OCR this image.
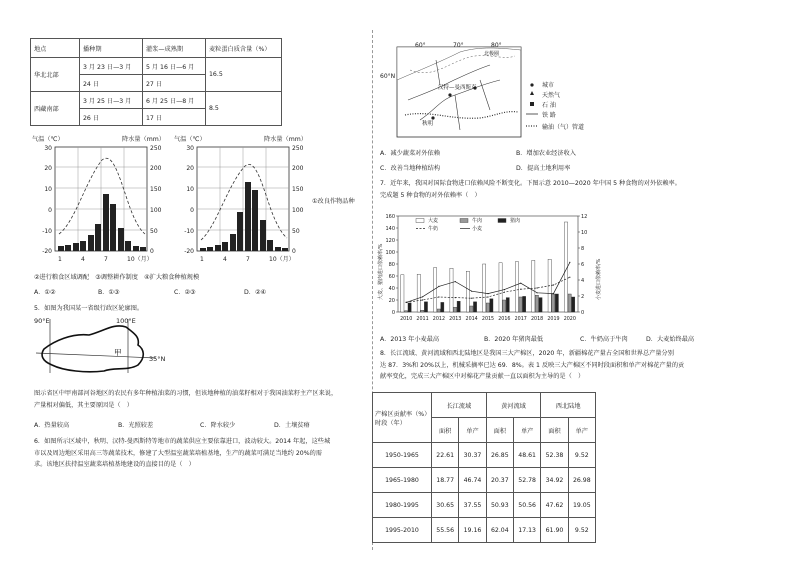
地点	播种期	灌浆—成熟期	麦粒蛋白质含量（%）
华北北部	3 月 23 日—3 月	5 月 16 日—6 月	16.5
	24 日	27 日	
西藏南部	3 月 25 日—3 月	6 月 25 日—8 月	8.5
	26 日	17 日	
气温（℃）	降水量（mm）
30
20
10
0
-10
-20
250
200
150
100
50
0
1	4	7	10（月）
气温（℃）	降水量（mm）
30
20
10
0
-10
-20
250
200
150
100
50
0
1	4	7	10（月）
①改良作物品种
②进行粮食区域调配　③调整耕作制度　④扩大粮食种植规模
A．①②	B．①③	C．②③	D．②④
5．如图为我国某一省级行政区轮廓图。
90°E	100°E
35°N
甲
图示省区中甲南部河谷地区的农民有多年种植油菜的习惯，但该地种植的油菜籽相对于我国油菜籽主产区来说，
产量相对偏低，其主要原因是（　）
A．热量较高	B．光照较差	C．降水较少	D．土壤贫瘠
6．如图所示区域中，秋明、汉特-曼西斯特等地市的蔬菜供应主要依靠进口，波动较大。2014 年起，这些城
市以及周边地区采用高三等蔬菜技术，修建了大型温室蔬菜培植基地，生产的蔬菜可满足当地约 20%的需
求。该地区扶持温室蔬菜培植基地建设的直接目的是（　）
汉特—曼西斯克
秋明
北极圈
60°	70°	80°
60°N
城市
天然气
石 油
铁 路
输油（气）管道
A．减少蔬菜对外依赖	B．增加农业经济收入
C．改善当地种植结构	D．提高土地利用率
7．近年来，我国对国际食物进口依赖风险不断变化。下图示意 2010—2020 年中国 5 种食物的对外依赖率。
完成题 5 种食物的对外依赖率（　）
大麦、猪肉进口依赖率/%	小麦进口依赖率/%
160
140
120
100
80
60
40
20
0
12
10
8
6
4
2
0
2010 2011 2012 2013 2014 2015 2016 2017 2018 2019 2020
大麦	牛肉	猪肉
牛奶	小麦
A．2013 年小麦最高	B．2020 年猪肉最低	C．牛奶高于牛肉	D．大麦始终最高
8．长江流域、黄河流域和西北陆地区是我国三大产棉区，2020 年，新疆棉花产量占全国和世界总产量分别
达 87．3%和 20%以上，机械采摘率已达 69．8%。表 1 反映三大产棉区不同时段面积和单产对棉花产量的贡
献率变化，完成三大产棉区中对棉花产量贡献一直以面积为主导的是（　）
产棉区贡献率（%）
时段（年）	长江流域		黄河流域		西北陆地	
	面积	单产	面积	单产	面积	单产
1950-1965	22.61	30.37	26.85	48.61	52.38	9.52
1965-1980	18.77	46.74	20.37	52.78	34.92	26.98
1980-1995	30.65	37.55	50.93	50.56	47.62	19.05
1995-2010	55.56	19.16	62.04	17.13	61.90	9.52
